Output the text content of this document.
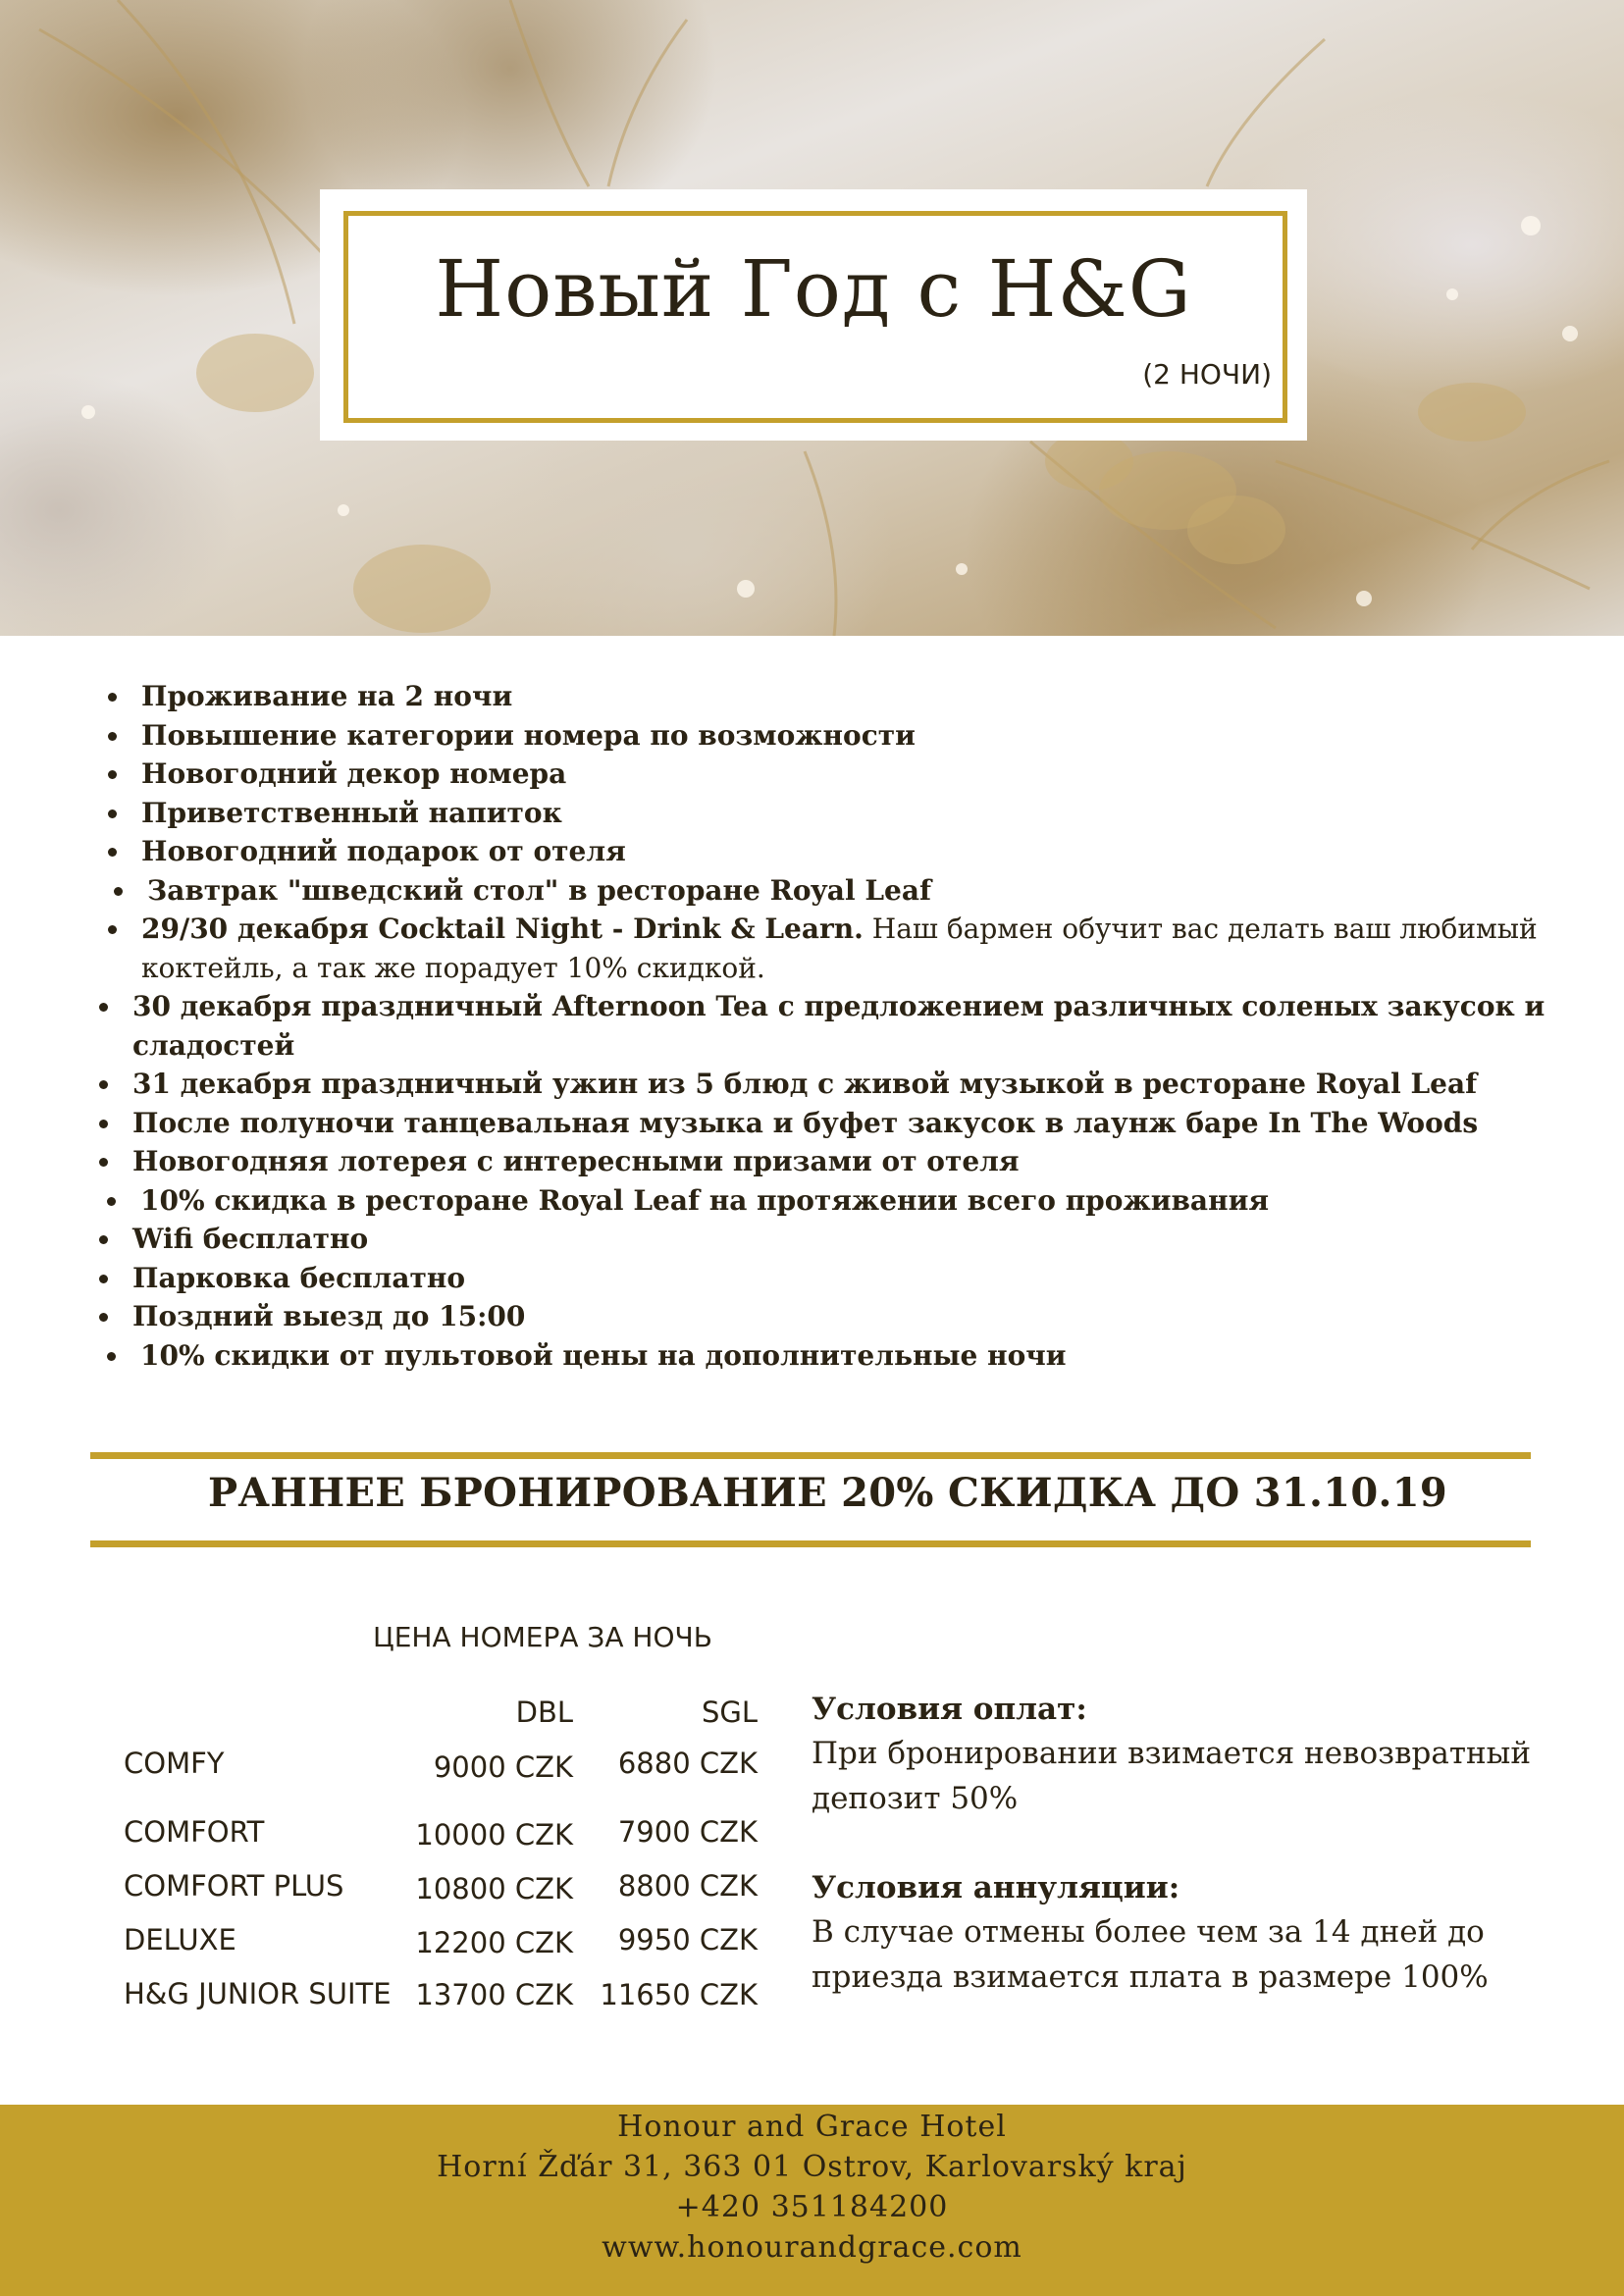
Новый Год с H&G
(2 НОЧИ)
Проживание на 2 ночи
Повышение категории номера по возможности
Новогодний декор номера
Приветственный напиток
Новогодний подарок от отеля
Завтрак "шведский стол" в ресторане Royal Leaf
29/30 декабря Cocktail Night - Drink & Learn. Наш бармен обучит вас делать ваш любимый коктейль, а так же порадует 10% скидкой.
30 декабря праздничный Afternoon Tea с предложением различных соленых закусок и сладостей
31 декабря праздничный ужин из 5 блюд с живой музыкой в ресторане Royal Leaf
После полуночи танцевальная музыка и буфет закусок в лаунж баре In The Woods
Новогодняя лотерея с интересными призами от отеля
10% скидка в ресторане Royal Leaf на протяжении всего проживания
Wifi бесплатно
Парковка бесплатно
Поздний выезд до 15:00
10% скидки от пультовой цены на дополнительные ночи
РАННЕЕ БРОНИРОВАНИЕ 20% СКИДКА ДО 31.10.19
ЦЕНА НОМЕРА ЗА НОЧЬ
DBL	SGL
COMFY	9000 CZK 6880 CZK
COMFORT	10000 CZK 7900 CZK
COMFORT PLUS	10800 CZK 8800 CZK
DELUXE	12200 CZK 9950 CZK
H&G JUNIOR SUITE 13700 CZK 11650 CZK
Условия оплат:
При бронировании взимается невозвратный
депозит 50%
Условия аннуляции:
В случае отмены более чем за 14 дней до
приезда взимается плата в размере 100%
Honour and Grace Hotel
Horní Žďár 31, 363 01 Ostrov, Karlovarský kraj
+420 351184200
www.honourandgrace.com
